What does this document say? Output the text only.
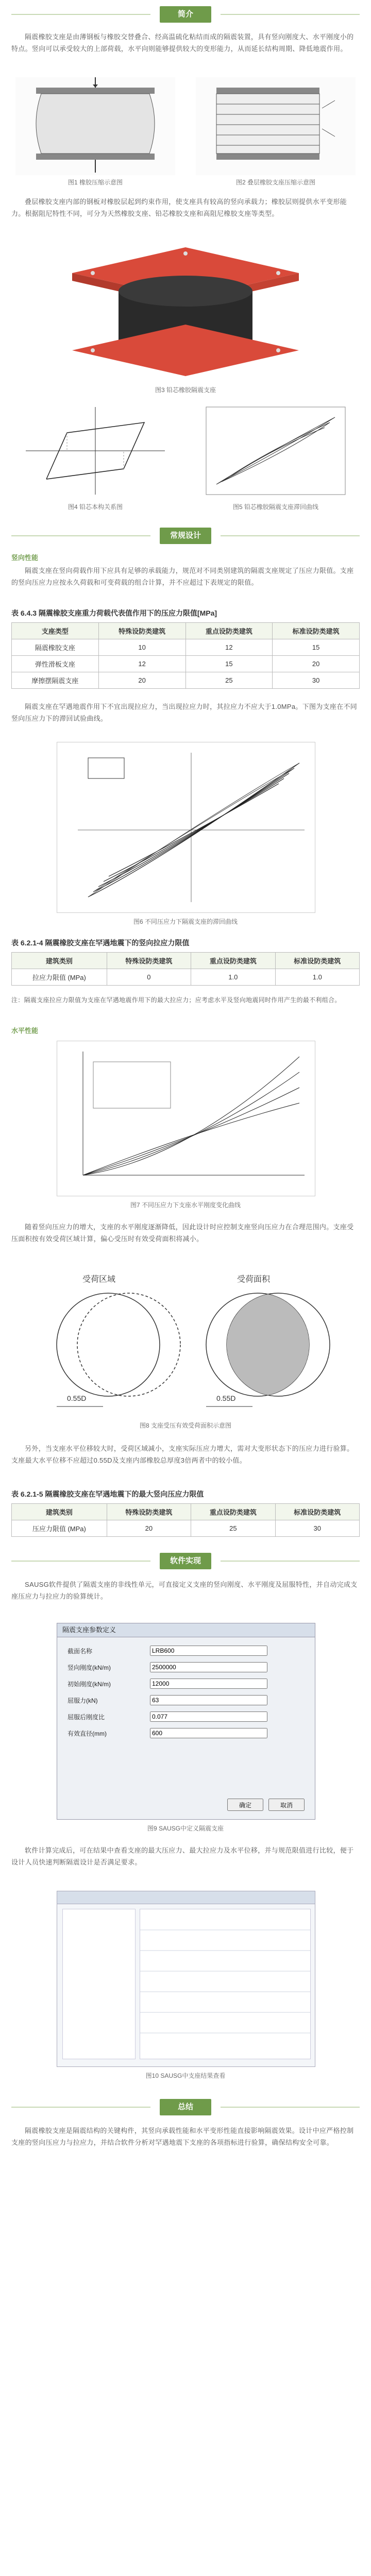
简介

隔震橡胶支座是由薄钢板与橡胶交替叠合、经高温硫化粘结而成的隔震装置，具有竖向刚度大、水平刚度小的特点。竖向可以承受较大的上部荷载，水平向则能够提供较大的变形能力，从而延长结构周期、降低地震作用。

图1 橡胶压缩示意图	图2 叠层橡胶支座压缩示意图

叠层橡胶支座内部的钢板对橡胶层起到约束作用，使支座具有较高的竖向承载力；橡胶层则提供水平变形能力。根据阻尼特性不同，可分为天然橡胶支座、铅芯橡胶支座和高阻尼橡胶支座等类型。

图3 铅芯橡胶隔震支座
图4 铅芯本构关系图	图5 铅芯橡胶隔震支座滞回曲线
常规设计
竖向性能

隔震支座在竖向荷载作用下应具有足够的承载能力，规范对不同类别建筑的隔震支座规定了压应力限值。支座的竖向压应力应按永久荷载和可变荷载的组合计算，并不应超过下表规定的限值。

表 6.4.3 隔震橡胶支座重力荷载代表值作用下的压应力限值[MPa]
支座类型	特殊设防类建筑	重点设防类建筑	标准设防类建筑
隔震橡胶支座	10	12	15
弹性滑板支座	12	15	20
摩擦摆隔震支座	20	25	30

隔震支座在罕遇地震作用下不宜出现拉应力，当出现拉应力时，其拉应力不应大于1.0MPa。下图为支座在不同竖向压应力下的滞回试验曲线。

图6 不同压应力下隔震支座的滞回曲线
表 6.2.1-4 隔震橡胶支座在罕遇地震下的竖向拉应力限值
建筑类别	特殊设防类建筑	重点设防类建筑	标准设防类建筑
拉应力限值 (MPa)	0	1.0	1.0

注：隔震支座拉应力限值为支座在罕遇地震作用下的最大拉应力；应考虑水平及竖向地震同时作用产生的最不利组合。

水平性能
图7 不同压应力下支座水平刚度变化曲线

随着竖向压应力的增大，支座的水平刚度逐渐降低，因此设计时应控制支座竖向压应力在合理范围内。支座受压面积按有效受荷区域计算，偏心受压时有效受荷面积将减小。

受荷区域	受荷面积
0.55D	0.55D
图8 支座受压有效受荷面积示意图

另外，当支座水平位移较大时，受荷区域减小，支座实际压应力增大，需对大变形状态下的压应力进行验算。支座最大水平位移不应超过0.55D及支座内部橡胶总厚度3倍两者中的较小值。

表 6.2.1-5 隔震橡胶支座在罕遇地震下的最大竖向压应力限值
建筑类别	特殊设防类建筑	重点设防类建筑	标准设防类建筑
压应力限值 (MPa)	20	25	30
软件实现

SAUSG软件提供了隔震支座的非线性单元，可直接定义支座的竖向刚度、水平刚度及屈服特性，并自动完成支座压应力与拉应力的验算统计。

隔震支座参数定义
截面名称
LRB600
竖向刚度(kN/m)
2500000
初始刚度(kN/m)
12000
屈服力(kN)
63
屈服后刚度比
0.077
有效直径(mm)
600
确定	取消
图9 SAUSG中定义隔震支座

软件计算完成后，可在结果中查看支座的最大压应力、最大拉应力及水平位移，并与规范限值进行比较，便于设计人员快速判断隔震设计是否满足要求。

图10 SAUSG中支座结果查看
总结

隔震橡胶支座是隔震结构的关键构件，其竖向承载性能和水平变形性能直接影响隔震效果。设计中应严格控制支座的竖向压应力与拉应力，并结合软件分析对罕遇地震下支座的各项指标进行验算，确保结构安全可靠。
